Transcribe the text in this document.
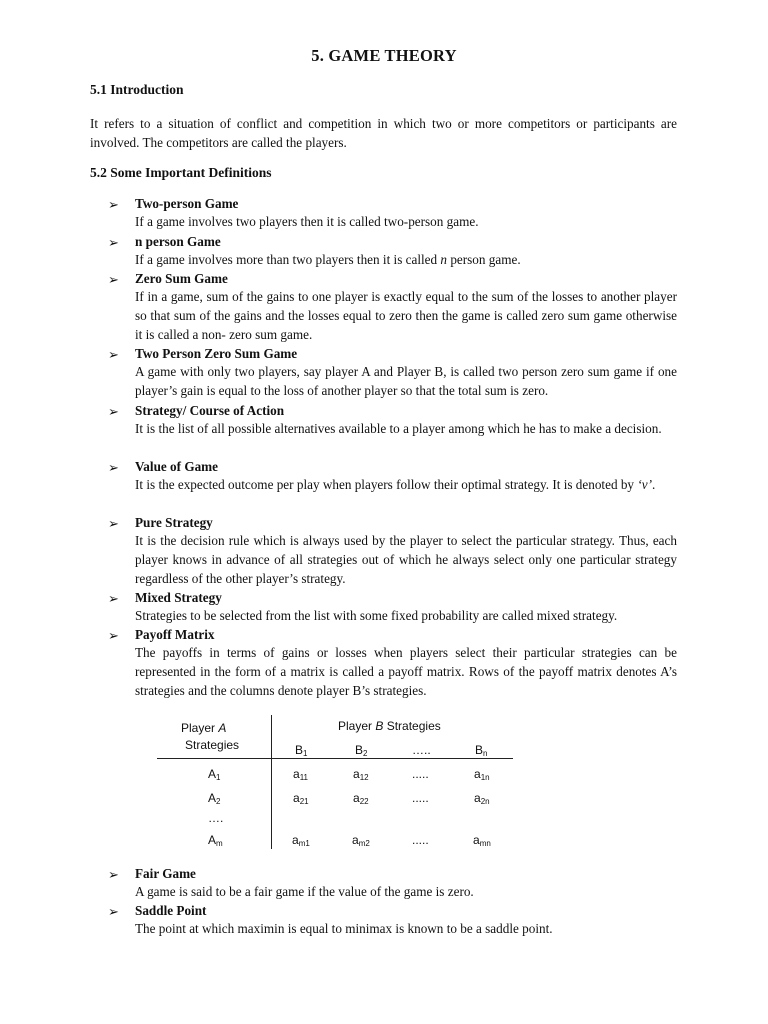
5. GAME THEORY
5.1 Introduction
It refers to a situation of conflict and competition in which two or more competitors or participants are involved. The competitors are called the players.
5.2 Some Important Definitions
➢	Two-person Game
If a game involves two players then it is called two-person game.
➢	n person Game
If a game involves more than two players then it is called n person game.
➢	Zero Sum Game
If in a game, sum of the gains to one player is exactly equal to the sum of the losses to another player so that sum of the gains and the losses equal to zero then the game is called zero sum game otherwise it is called a non- zero sum game.
➢	Two Person Zero Sum Game
A game with only two players, say player A and Player B, is called two person zero sum game if one player’s gain is equal to the loss of another player so that the total sum is zero.
➢	Strategy/ Course of Action
It is the list of all possible alternatives available to a player among which he has to make a decision.
➢	Value of Game
It is the expected outcome per play when players follow their optimal strategy. It is denoted by ‘v’.
➢	Pure Strategy
It is the decision rule which is always used by the player to select the particular strategy. Thus, each player knows in advance of all strategies out of which he always select only one particular strategy regardless of the other player’s strategy.
➢	Mixed Strategy
Strategies to be selected from the list with some fixed probability are called mixed strategy.
➢	Payoff Matrix
The payoffs in terms of gains or losses when players select their particular strategies can be represented in the form of a matrix is called a payoff matrix. Rows of the payoff matrix denotes A’s strategies and the columns denote player B’s strategies.
Player A
Strategies
Player B Strategies
$B_1$	$B_2$	…..	$B_n$
$A_1$	$a_{11}$	$a_{12}$	.....	$a_{1n}$
$A_2$	$a_{21}$	$a_{22}$	.....	$a_{2n}$
….
$A_m$	$a_{m1}$	$a_{m2}$	.....	$a_{mn}$
➢	Fair Game
A game is said to be a fair game if the value of the game is zero.
➢	Saddle Point
The point at which maximin is equal to minimax is known to be a saddle point.
